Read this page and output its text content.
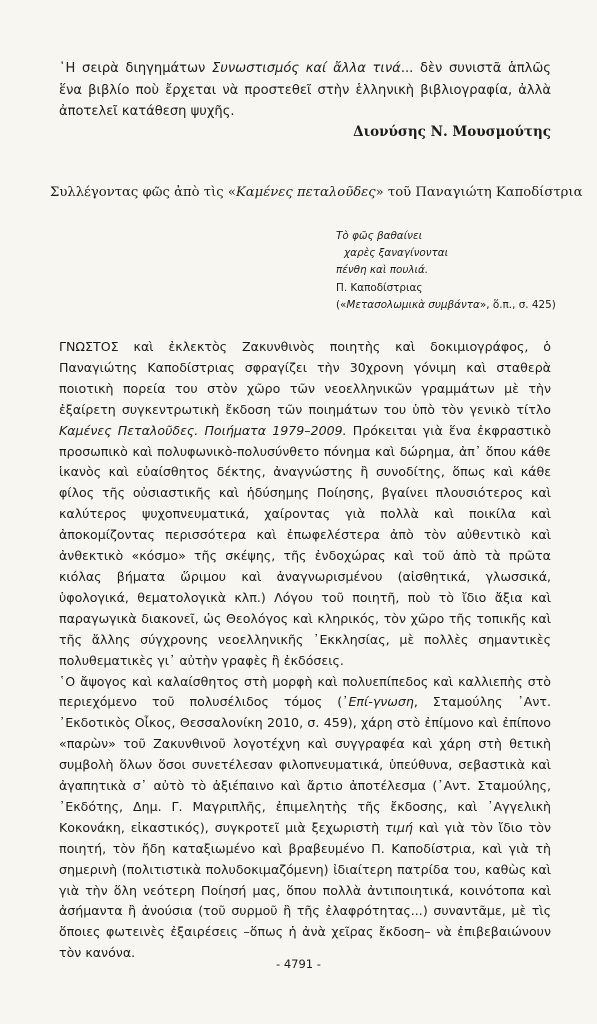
῾Η σειρὰ διηγημάτων Συνωστισμός καί ἄλλα τινά... δὲν συνιστᾶ ἁπλῶς ἕνα βιβλίο ποὺ ἔρχεται νὰ προστεθεῖ στὴν ἑλληνικὴ βιβλιογραφία, ἀλλὰ ἀποτελεῖ κατάθεση ψυχῆς.
Διονύσης Ν. Μουσμούτης
Συλλέγοντας φῶς ἀπὸ τὶς «Καμένες πεταλοῦδες» τοῦ Παναγιώτη Καποδίστρια
Τὸ φῶς βαθαίνει
χαρὲς ξαναγίνονται
πένθη καὶ πουλιά.
Π. Καποδίστριας
(«Μετασολωμικὰ συμβάντα», ὅ.π., σ. 425)

ΓΝΩΣΤΟΣ καὶ ἐκλεκτὸς Ζακυνθινὸς ποιητὴς καὶ δοκιμιογράφος, ὁ Παναγιώτης Καποδίστριας σφραγίζει τὴν 30χρονη γόνιμη καὶ σταθερὰ ποιοτικὴ πορεία του στὸν χῶρο τῶν νεοελληνικῶν γραμμάτων μὲ τὴν ἐξαίρετη συγκεντρωτικὴ ἔκδοση τῶν ποιημάτων του ὑπὸ τὸν γενικὸ τίτλο Καμένες Πεταλοῦδες. Ποιήματα 1979–2009. Πρόκειται γιὰ ἕνα ἐκφραστικὸ προσωπικὸ καὶ πολυφωνικὸ-πολυσύνθετο πόνημα καὶ δώρημα, ἀπ᾿ ὅπου κάθε ἱκανὸς καὶ εὐαίσθητος δέκτης, ἀναγνώστης ἢ συνοδίτης, ὅπως καὶ κάθε φίλος τῆς οὐσιαστικῆς καὶ ἡδύσημης Ποίησης, βγαίνει πλουσιότερος καὶ καλύτερος ψυχοπνευματικά, χαίροντας γιὰ πολλὰ καὶ ποικίλα καὶ ἀποκομίζοντας περισσότερα καὶ ἐπωφελέστερα ἀπὸ τὸν αὐθεντικὸ καὶ ἀνθεκτικὸ «κόσμο» τῆς σκέψης, τῆς ἐνδοχώρας καὶ τοῦ ἀπὸ τὰ πρῶτα κιόλας βήματα ὥριμου καὶ ἀναγνωρισμένου (αἰσθητικά, γλωσσικά, ὑφολογικά, θεματολογικὰ κλπ.) Λόγου τοῦ ποιητῆ, ποὺ τὸ ἴδιο ἄξια καὶ παραγωγικὰ διακονεῖ, ὡς Θεολόγος καὶ κληρικός, τὸν χῶρο τῆς τοπικῆς καὶ τῆς ἄλλης σύγχρονης νεοελληνικῆς ᾿Εκκλησίας, μὲ πολλὲς σημαντικὲς πολυθεματικὲς γι᾿ αὐτὴν γραφὲς ἢ ἐκδόσεις.

῾Ο ἄψογος καὶ καλαίσθητος στὴ μορφὴ καὶ πολυεπίπεδος καὶ καλλιεπὴς στὸ περιεχόμενο τοῦ πολυσέλιδος τόμος (᾿Επί-γνωση, Σταμούλης ᾿Αντ. ᾿Εκδοτικὸς Οἶκος, Θεσσαλονίκη 2010, σ. 459), χάρη στὸ ἐπίμονο καὶ ἐπίπονο «παρὼν» τοῦ Ζακυνθινοῦ λογοτέχνη καὶ συγγραφέα καὶ χάρη στὴ θετικὴ συμβολὴ ὅλων ὅσοι συνετέλεσαν φιλοπνευματικά, ὑπεύθυνα, σεβαστικὰ καὶ ἀγαπητικὰ σ᾿ αὐτὸ τὸ ἀξιέπαινο καὶ ἄρτιο ἀποτέλεσμα (᾿Αντ. Σταμούλης, ᾿Εκδότης, Δημ. Γ. Μαγριπλῆς, ἐπιμελητὴς τῆς ἔκδοσης, καὶ ᾿Αγγελικὴ Κοκονάκη, εἰκαστικός), συγκροτεῖ μιὰ ξεχωριστὴ τιμή καὶ γιὰ τὸν ἴδιο τὸν ποιητή, τὸν ἤδη καταξιωμένο καὶ βραβευμένο Π. Καποδίστρια, καὶ γιὰ τὴ σημερινὴ (πολιτιστικὰ πολυδοκιμαζόμενη) ἰδιαίτερη πατρίδα του, καθὼς καὶ γιὰ τὴν ὅλη νεότερη Ποίησή μας, ὅπου πολλὰ ἀντιποιητικά, κοινότοπα καὶ ἀσήμαντα ἢ ἀνούσια (τοῦ συρμοῦ ἢ τῆς ἐλαφρότητας...) συναντᾶμε, μὲ τὶς ὅποιες φωτεινὲς ἐξαιρέσεις –ὅπως ἡ ἀνὰ χεῖρας ἔκδοση– νὰ ἐπιβεβαιώνουν τὸν κανόνα.

- 4791 -
